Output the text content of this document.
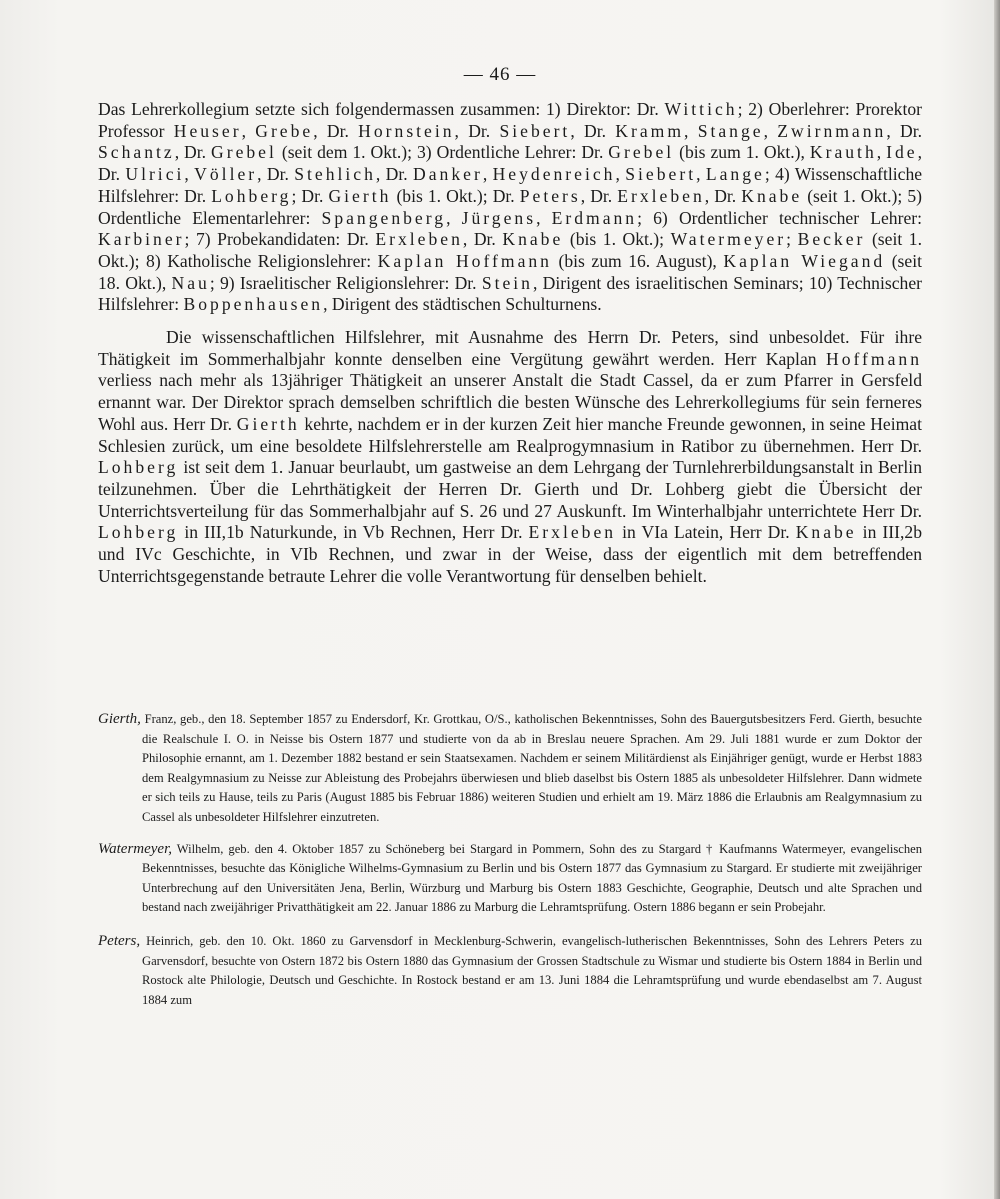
— 46 —

Das Lehrerkollegium setzte sich folgendermassen zusammen: 1) Direktor: Dr. Wittich; 2) Oberlehrer: Prorektor Professor Heuser, Grebe, Dr. Hornstein, Dr. Siebert, Dr. Kramm, Stange, Zwirnmann, Dr. Schantz, Dr. Grebel (seit dem 1. Okt.); 3) Ordentliche Lehrer: Dr. Grebel (bis zum 1. Okt.), Krauth, Ide, Dr. Ulrici, Völler, Dr. Stehlich, Dr. Danker, Heydenreich, Siebert, Lange; 4) Wissenschaftliche Hilfslehrer: Dr. Lohberg; Dr. Gierth (bis 1. Okt.); Dr. Peters, Dr. Erxleben, Dr. Knabe (seit 1. Okt.); 5) Ordentliche Elementarlehrer: Spangenberg, Jürgens, Erdmann; 6) Ordentlicher technischer Lehrer: Karbiner; 7) Probekandidaten: Dr. Erxleben, Dr. Knabe (bis 1. Okt.); Watermeyer; Becker (seit 1. Okt.); 8) Katholische Religionslehrer: Kaplan Hoffmann (bis zum 16. August), Kaplan Wiegand (seit 18. Okt.), Nau; 9) Israelitischer Religionslehrer: Dr. Stein, Dirigent des israelitischen Seminars; 10) Technischer Hilfslehrer: Boppenhausen, Dirigent des städtischen Schulturnens.

Die wissenschaftlichen Hilfslehrer, mit Ausnahme des Herrn Dr. Peters, sind unbesoldet. Für ihre Thätigkeit im Sommerhalbjahr konnte denselben eine Vergütung gewährt werden. Herr Kaplan Hoffmann verliess nach mehr als 13jähriger Thätigkeit an unserer Anstalt die Stadt Cassel, da er zum Pfarrer in Gersfeld ernannt war. Der Direktor sprach demselben schriftlich die besten Wünsche des Lehrerkollegiums für sein ferneres Wohl aus. Herr Dr. Gierth kehrte, nachdem er in der kurzen Zeit hier manche Freunde gewonnen, in seine Heimat Schlesien zurück, um eine besoldete Hilfslehrerstelle am Realprogymnasium in Ratibor zu übernehmen. Herr Dr. Lohberg ist seit dem 1. Januar beurlaubt, um gastweise an dem Lehrgang der Turnlehrerbildungsanstalt in Berlin teilzunehmen. Über die Lehrthätigkeit der Herren Dr. Gierth und Dr. Lohberg giebt die Übersicht der Unterrichtsverteilung für das Sommerhalbjahr auf S. 26 und 27 Auskunft. Im Winterhalbjahr unterrichtete Herr Dr. Lohberg in III,1b Naturkunde, in Vb Rechnen, Herr Dr. Erxleben in VIa Latein, Herr Dr. Knabe in III,2b und IVc Geschichte, in VIb Rechnen, und zwar in der Weise, dass der eigentlich mit dem betreffenden Unterrichtsgegenstande betraute Lehrer die volle Verantwortung für denselben behielt.

Gierth, Franz, geb., den 18. September 1857 zu Endersdorf, Kr. Grottkau, O/S., katholischen Bekenntnisses, Sohn des Bauergutsbesitzers Ferd. Gierth, besuchte die Realschule I. O. in Neisse bis Ostern 1877 und studierte von da ab in Breslau neuere Sprachen. Am 29. Juli 1881 wurde er zum Doktor der Philosophie ernannt, am 1. Dezember 1882 bestand er sein Staatsexamen. Nachdem er seinem Militärdienst als Einjähriger genügt, wurde er Herbst 1883 dem Realgymnasium zu Neisse zur Ableistung des Probejahrs überwiesen und blieb daselbst bis Ostern 1885 als unbesoldeter Hilfslehrer. Dann widmete er sich teils zu Hause, teils zu Paris (August 1885 bis Februar 1886) weiteren Studien und erhielt am 19. März 1886 die Erlaubnis am Realgymnasium zu Cassel als unbesoldeter Hilfslehrer einzutreten.

Watermeyer, Wilhelm, geb. den 4. Oktober 1857 zu Schöneberg bei Stargard in Pommern, Sohn des zu Stargard † Kaufmanns Watermeyer, evangelischen Bekenntnisses, besuchte das Königliche Wilhelms-Gymnasium zu Berlin und bis Ostern 1877 das Gymnasium zu Stargard. Er studierte mit zweijähriger Unterbrechung auf den Universitäten Jena, Berlin, Würzburg und Marburg bis Ostern 1883 Geschichte, Geographie, Deutsch und alte Sprachen und bestand nach zweijähriger Privatthätigkeit am 22. Januar 1886 zu Marburg die Lehramtsprüfung. Ostern 1886 begann er sein Probejahr.

Peters, Heinrich, geb. den 10. Okt. 1860 zu Garvensdorf in Mecklenburg-Schwerin, evangelisch-lutherischen Bekenntnisses, Sohn des Lehrers Peters zu Garvensdorf, besuchte von Ostern 1872 bis Ostern 1880 das Gymnasium der Grossen Stadtschule zu Wismar und studierte bis Ostern 1884 in Berlin und Rostock alte Philologie, Deutsch und Geschichte. In Rostock bestand er am 13. Juni 1884 die Lehramtsprüfung und wurde ebendaselbst am 7. August 1884 zum
